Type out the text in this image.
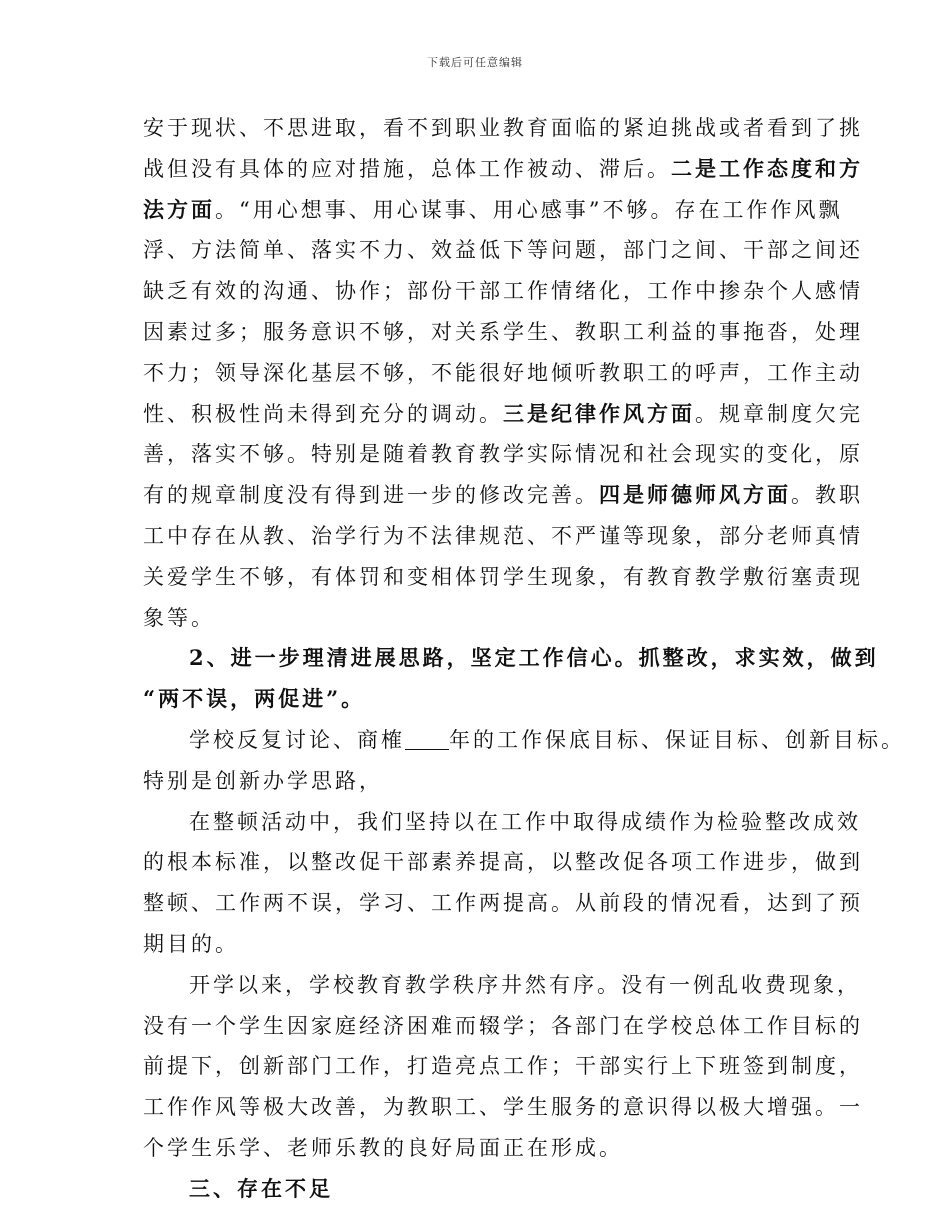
下载后可任意编辑
安于现状、不思进取，看不到职业教育面临的紧迫挑战或者看到了挑
战但没有具体的应对措施，总体工作被动、滞后。二是工作态度和方
法方面。“用心想事、用心谋事、用心感事”不够。存在工作作风飘
浮、方法简单、落实不力、效益低下等问题，部门之间、干部之间还
缺乏有效的沟通、协作；部份干部工作情绪化，工作中掺杂个人感情
因素过多；服务意识不够，对关系学生、教职工利益的事拖沓，处理
不力；领导深化基层不够，不能很好地倾听教职工的呼声，工作主动
性、积极性尚未得到充分的调动。三是纪律作风方面。规章制度欠完
善，落实不够。特别是随着教育教学实际情况和社会现实的变化，原
有的规章制度没有得到进一步的修改完善。四是师德师风方面。教职
工中存在从教、治学行为不法律规范、不严谨等现象，部分老师真情
关爱学生不够，有体罚和变相体罚学生现象，有教育教学敷衍塞责现
象等。
2、进一步理清进展思路，坚定工作信心。抓整改，求实效，做到
“两不误，两促进”。
学校反复讨论、商榷 年的工作保底目标、保证目标、创新目标。
特别是创新办学思路，
在整顿活动中，我们坚持以在工作中取得成绩作为检验整改成效
的根本标准，以整改促干部素养提高，以整改促各项工作进步，做到
整顿、工作两不误，学习、工作两提高。从前段的情况看，达到了预
期目的。
开学以来，学校教育教学秩序井然有序。没有一例乱收费现象，
没有一个学生因家庭经济困难而辍学；各部门在学校总体工作目标的
前提下，创新部门工作，打造亮点工作；干部实行上下班签到制度，
工作作风等极大改善，为教职工、学生服务的意识得以极大增强。一
个学生乐学、老师乐教的良好局面正在形成。
三、存在不足
